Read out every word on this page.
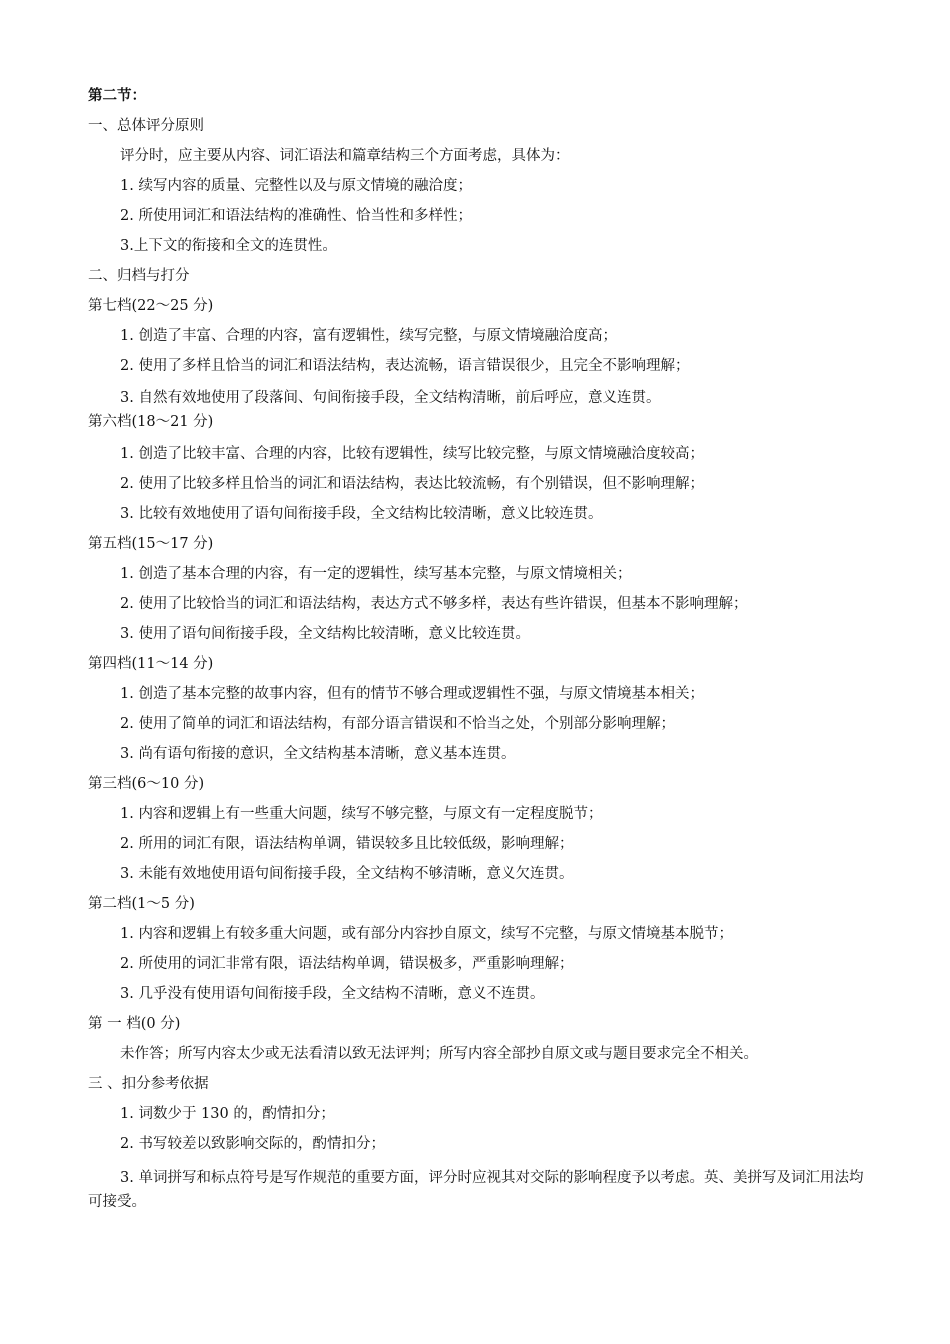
第二节：
一、总体评分原则
评分时，应主要从内容、词汇语法和篇章结构三个方面考虑，具体为：
1. 续写内容的质量、完整性以及与原文情境的融洽度；
2. 所使用词汇和语法结构的准确性、恰当性和多样性；
3.上下文的衔接和全文的连贯性。
二、归档与打分
第七档(22～25 分)
1. 创造了丰富、合理的内容，富有逻辑性，续写完整，与原文情境融洽度高；
2. 使用了多样且恰当的词汇和语法结构，表达流畅，语言错误很少，且完全不影响理解；
3. 自然有效地使用了段落间、句间衔接手段，全文结构清晰，前后呼应，意义连贯。
第六档(18～21 分)
1. 创造了比较丰富、合理的内容，比较有逻辑性，续写比较完整，与原文情境融洽度较高；
2. 使用了比较多样且恰当的词汇和语法结构，表达比较流畅，有个别错误，但不影响理解；
3. 比较有效地使用了语句间衔接手段，全文结构比较清晰，意义比较连贯。
第五档(15～17 分)
1. 创造了基本合理的内容，有一定的逻辑性，续写基本完整，与原文情境相关；
2. 使用了比较恰当的词汇和语法结构，表达方式不够多样，表达有些许错误，但基本不影响理解；
3. 使用了语句间衔接手段，全文结构比较清晰，意义比较连贯。
第四档(11～14 分)
1. 创造了基本完整的故事内容，但有的情节不够合理或逻辑性不强，与原文情境基本相关；
2. 使用了简单的词汇和语法结构，有部分语言错误和不恰当之处，个别部分影响理解；
3. 尚有语句衔接的意识，全文结构基本清晰，意义基本连贯。
第三档(6～10 分)
1. 内容和逻辑上有一些重大问题，续写不够完整，与原文有一定程度脱节；
2. 所用的词汇有限，语法结构单调，错误较多且比较低级，影响理解；
3. 未能有效地使用语句间衔接手段，全文结构不够清晰，意义欠连贯。
第二档(1～5 分)
1. 内容和逻辑上有较多重大问题，或有部分内容抄自原文，续写不完整，与原文情境基本脱节；
2. 所使用的词汇非常有限，语法结构单调，错误极多，严重影响理解；
3. 几乎没有使用语句间衔接手段，全文结构不清晰，意义不连贯。
第 一 档(0 分)
未作答；所写内容太少或无法看清以致无法评判；所写内容全部抄自原文或与题目要求完全不相关。
三 、扣分参考依据
1. 词数少于 130 的，酌情扣分；
2. 书写较差以致影响交际的，酌情扣分；
3. 单词拼写和标点符号是写作规范的重要方面，评分时应视其对交际的影响程度予以考虑。英、美拼写及词汇用法均可接受。
